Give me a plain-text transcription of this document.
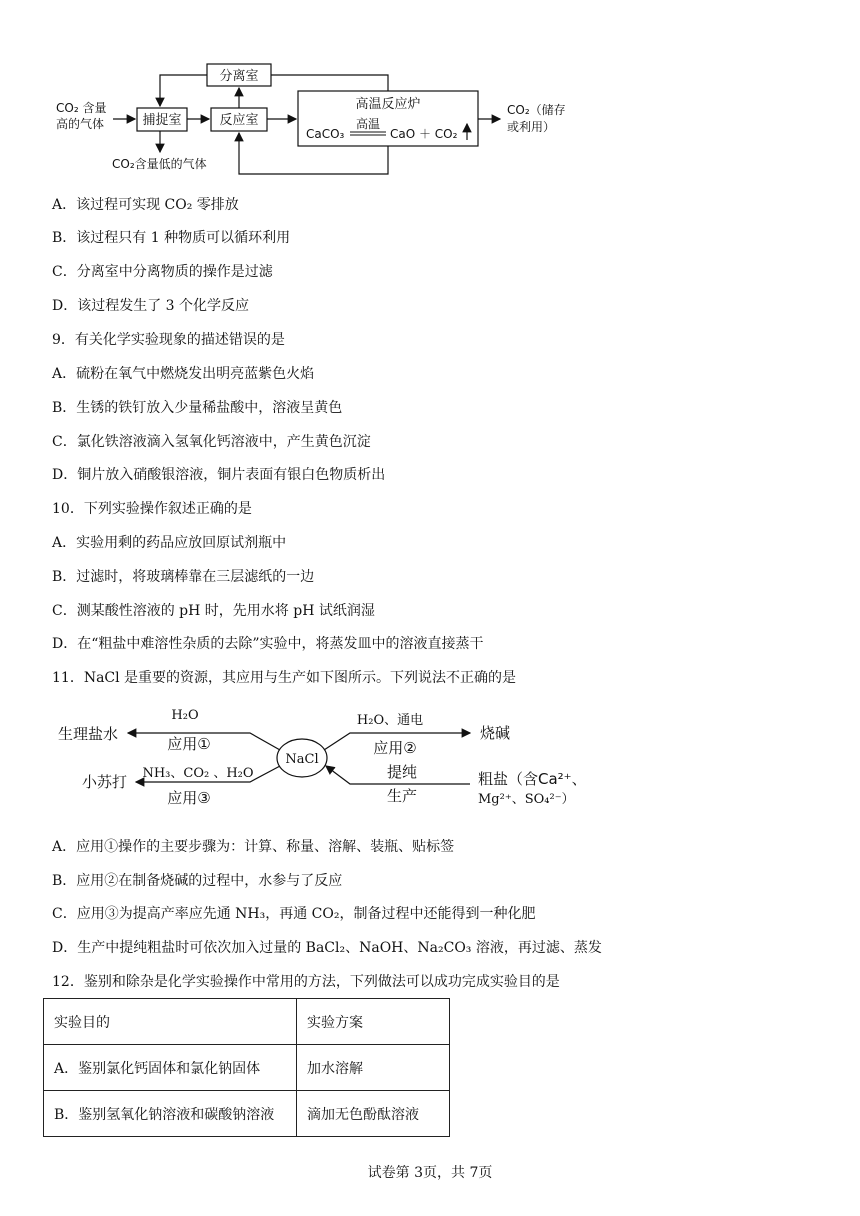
分离室
捕捉室	反应室
高温反应炉
CaCO₃
高温
CaO ＋ CO₂
CO₂ 含量
高的气体
CO₂含量低的气体
CO₂（储存
或利用）
A．该过程可实现 CO₂ 零排放
B．该过程只有 1 种物质可以循环利用
C．分离室中分离物质的操作是过滤
D．该过程发生了 3 个化学反应
9．有关化学实验现象的描述错误的是
A．硫粉在氧气中燃烧发出明亮蓝紫色火焰
B．生锈的铁钉放入少量稀盐酸中，溶液呈黄色
C．氯化铁溶液滴入氢氧化钙溶液中，产生黄色沉淀
D．铜片放入硝酸银溶液，铜片表面有银白色物质析出
10．下列实验操作叙述正确的是
A．实验用剩的药品应放回原试剂瓶中
B．过滤时，将玻璃棒靠在三层滤纸的一边
C．测某酸性溶液的 pH 时，先用水将 pH 试纸润湿
D．在“粗盐中难溶性杂质的去除”实验中，将蒸发皿中的溶液直接蒸干
11．NaCl 是重要的资源，其应用与生产如下图所示。下列说法不正确的是
NaCl
生理盐水
H₂O
应用①
小苏打 NH₃、CO₂ 、H₂O
应用③
H₂O、通电
应用②
烧碱
提纯
生产
粗盐（含Ca²⁺、
Mg²⁺、SO₄²⁻）
A．应用①操作的主要步骤为：计算、称量、溶解、装瓶、贴标签
B．应用②在制备烧碱的过程中，水参与了反应
C．应用③为提高产率应先通 NH₃，再通 CO₂，制备过程中还能得到一种化肥
D．生产中提纯粗盐时可依次加入过量的 BaCl₂、NaOH、Na₂CO₃ 溶液，再过滤、蒸发
12．鉴别和除杂是化学实验操作中常用的方法，下列做法可以成功完成实验目的是
实验目的	实验方案
A．鉴别氯化钙固体和氯化钠固体	加水溶解
B．鉴别氢氧化钠溶液和碳酸钠溶液	滴加无色酚酞溶液
试卷第 3页，共 7页
